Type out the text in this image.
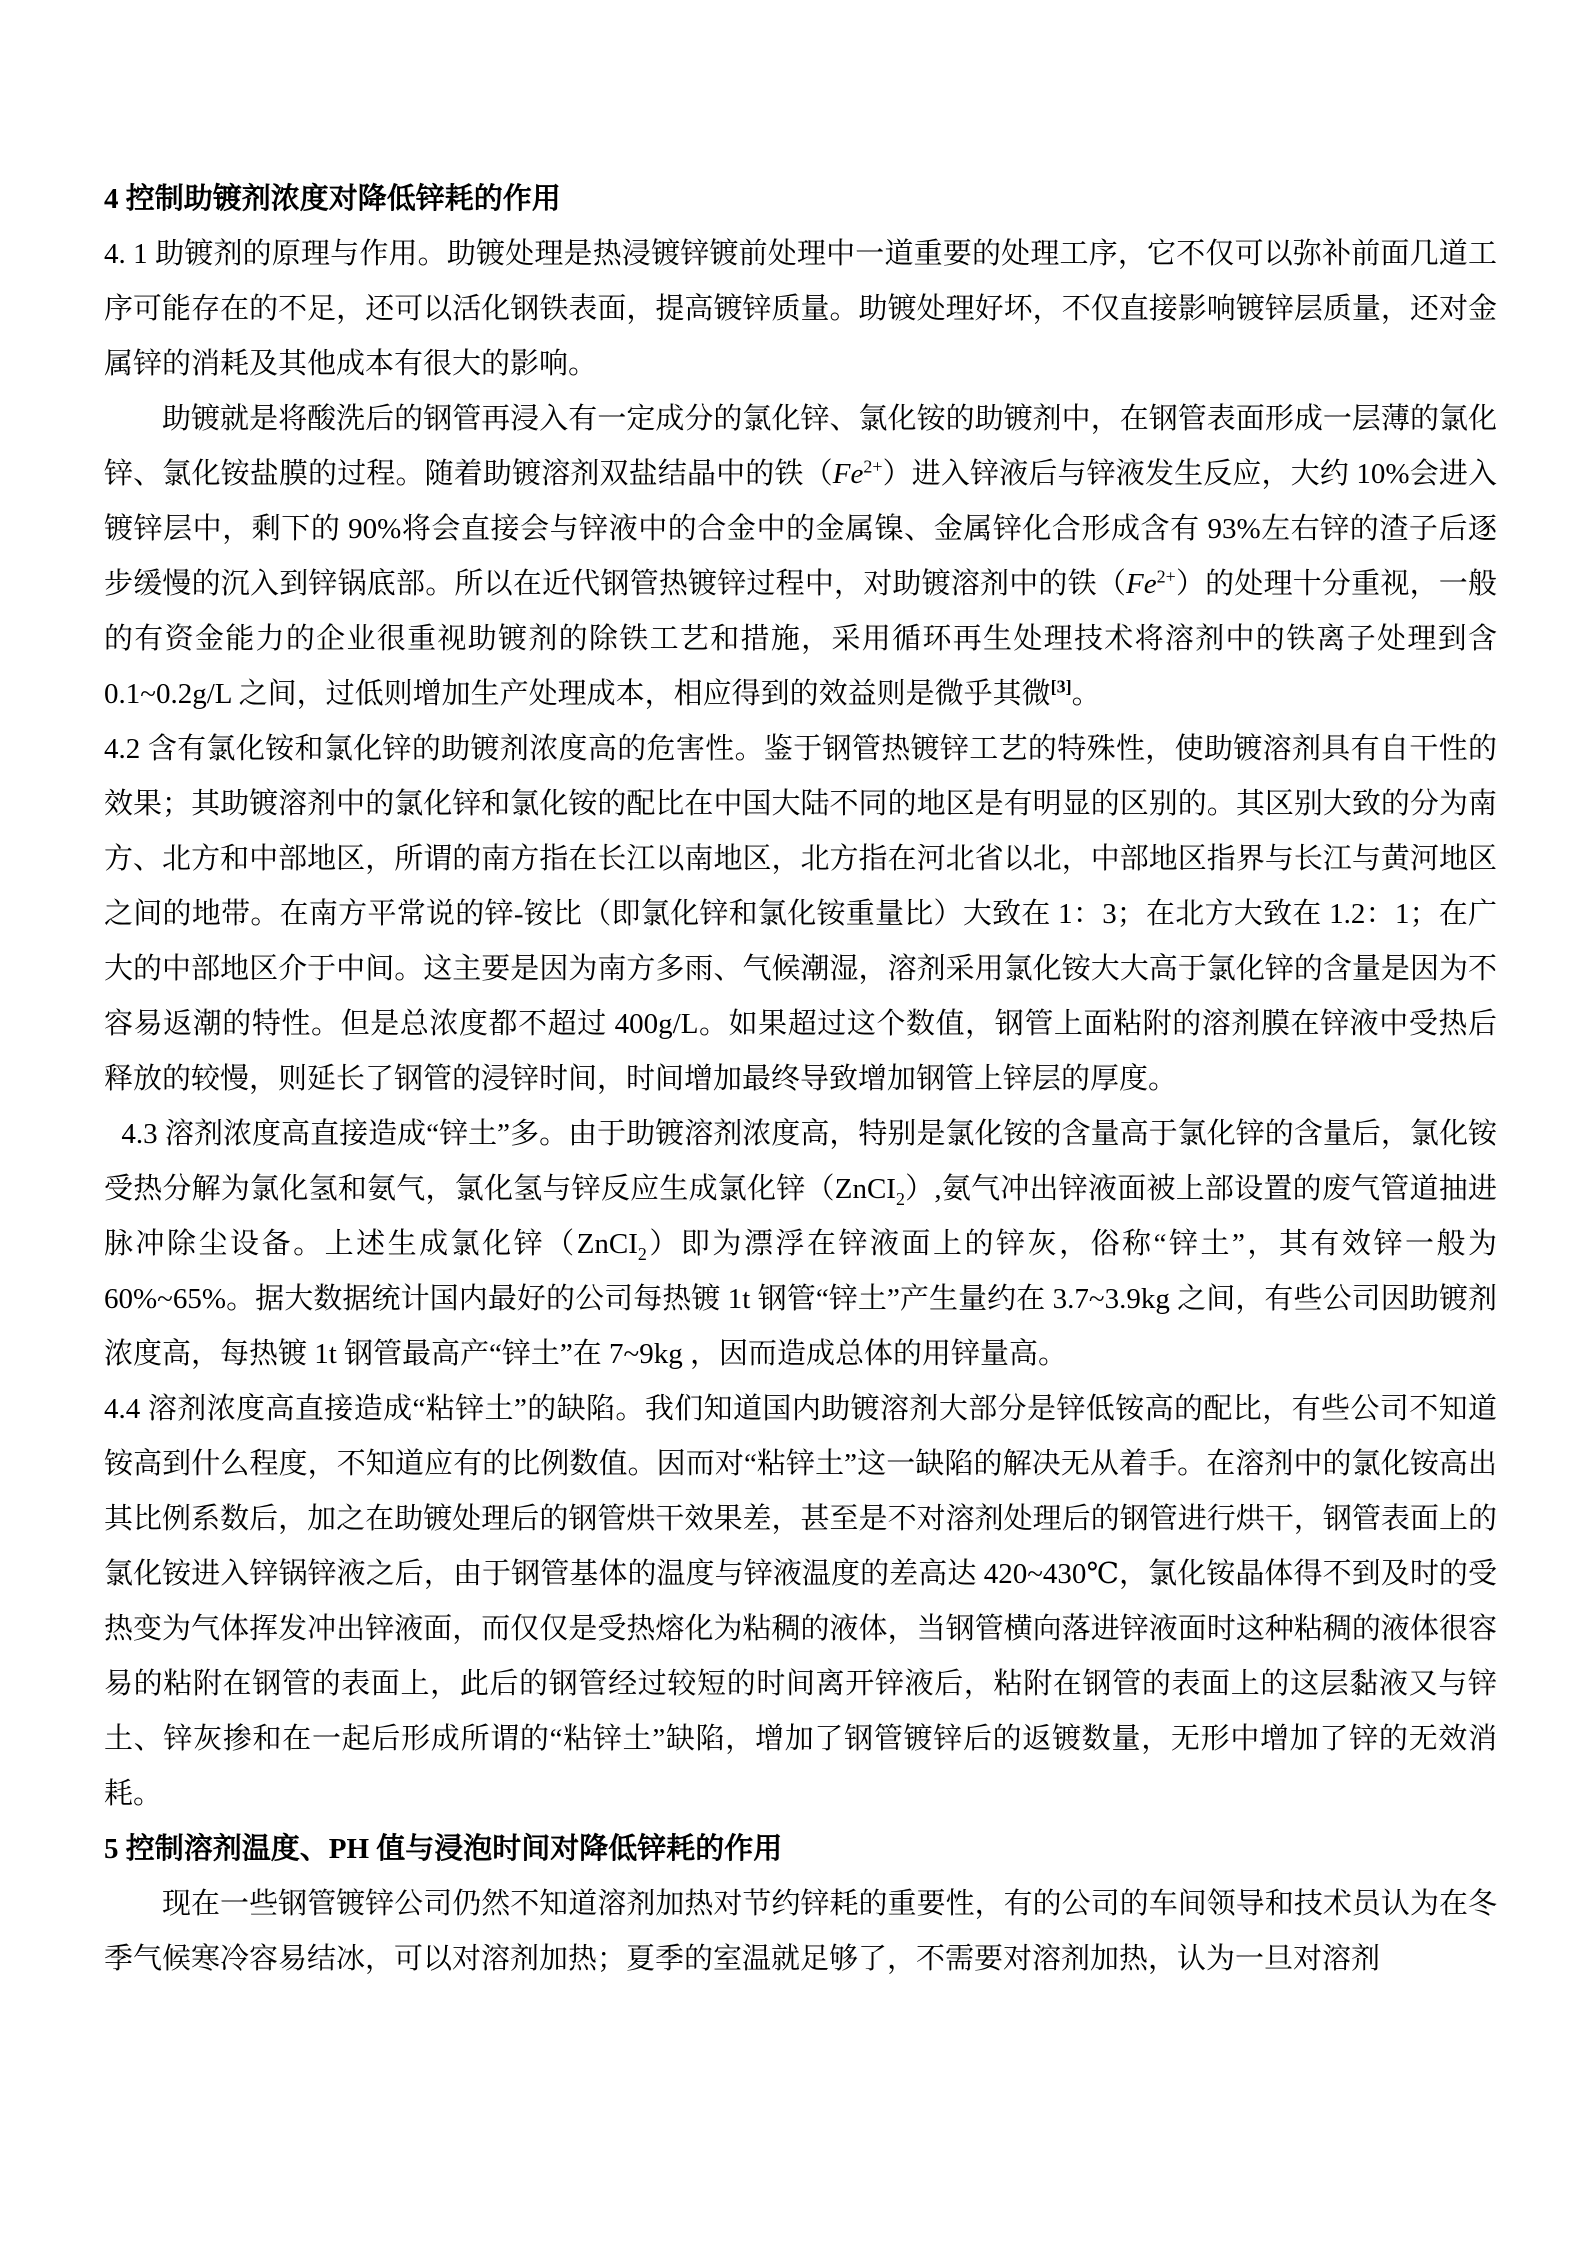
4 控制助镀剂浓度对降低锌耗的作用

4. 1 助镀剂的原理与作用。助镀处理是热浸镀锌镀前处理中一道重要的处理工序，它不仅可以弥补前面几道工序可能存在的不足，还可以活化钢铁表面，提高镀锌质量。助镀处理好坏，不仅直接影响镀锌层质量，还对金属锌的消耗及其他成本有很大的影响。

助镀就是将酸洗后的钢管再浸入有一定成分的氯化锌、氯化铵的助镀剂中，在钢管表面形成一层薄的氯化锌、氯化铵盐膜的过程。随着助镀溶剂双盐结晶中的铁$(Fe^{2+})$进入锌液后与锌液发生反应，大约 10%会进入镀锌层中，剩下的 90%将会直接会与锌液中的合金中的金属镍、金属锌化合形成含有 93%左右锌的渣子后逐步缓慢的沉入到锌锅底部。所以在近代钢管热镀锌过程中，对助镀溶剂中的铁$(Fe^{2+})$的处理十分重视，一般的有资金能力的企业很重视助镀剂的除铁工艺和措施，采用循环再生处理技术将溶剂中的铁离子处理到含 0.1~0.2g/L 之间，过低则增加生产处理成本，相应得到的效益则是微乎其微[3]。

4.2 含有氯化铵和氯化锌的助镀剂浓度高的危害性。鉴于钢管热镀锌工艺的特殊性，使助镀溶剂具有自干性的效果；其助镀溶剂中的氯化锌和氯化铵的配比在中国大陆不同的地区是有明显的区别的。其区别大致的分为南方、北方和中部地区，所谓的南方指在长江以南地区，北方指在河北省以北，中部地区指界与长江与黄河地区之间的地带。在南方平常说的锌-铵比（即氯化锌和氯化铵重量比）大致在 1：3；在北方大致在 1.2：1；在广大的中部地区介于中间。这主要是因为南方多雨、气候潮湿，溶剂采用氯化铵大大高于氯化锌的含量是因为不容易返潮的特性。但是总浓度都不超过 400g/L。如果超过这个数值，钢管上面粘附的溶剂膜在锌液中受热后释放的较慢，则延长了钢管的浸锌时间，时间增加最终导致增加钢管上锌层的厚度。

4.3 溶剂浓度高直接造成“锌土”多。由于助镀溶剂浓度高，特别是氯化铵的含量高于氯化锌的含量后，氯化铵受热分解为氯化氢和氨气，氯化氢与锌反应生成氯化锌（ZnCI$_2$）,氨气冲出锌液面被上部设置的废气管道抽进脉冲除尘设备。上述生成氯化锌（ZnCI$_2$）即为漂浮在锌液面上的锌灰，俗称“锌土”，其有效锌一般为 60%~65%。据大数据统计国内最好的公司每热镀 1t 钢管“锌土”产生量约在 3.7~3.9kg 之间，有些公司因助镀剂浓度高，每热镀 1t 钢管最高产“锌土”在 7~9kg ，因而造成总体的用锌量高。

4.4 溶剂浓度高直接造成“粘锌土”的缺陷。我们知道国内助镀溶剂大部分是锌低铵高的配比，有些公司不知道铵高到什么程度，不知道应有的比例数值。因而对“粘锌土”这一缺陷的解决无从着手。在溶剂中的氯化铵高出其比例系数后，加之在助镀处理后的钢管烘干效果差，甚至是不对溶剂处理后的钢管进行烘干，钢管表面上的氯化铵进入锌锅锌液之后，由于钢管基体的温度与锌液温度的差高达 420~430℃，氯化铵晶体得不到及时的受热变为气体挥发冲出锌液面，而仅仅是受热熔化为粘稠的液体，当钢管横向落进锌液面时这种粘稠的液体很容易的粘附在钢管的表面上，此后的钢管经过较短的时间离开锌液后，粘附在钢管的表面上的这层黏液又与锌土、锌灰掺和在一起后形成所谓的“粘锌土”缺陷，增加了钢管镀锌后的返镀数量，无形中增加了锌的无效消耗。

5 控制溶剂温度、PH 值与浸泡时间对降低锌耗的作用

现在一些钢管镀锌公司仍然不知道溶剂加热对节约锌耗的重要性，有的公司的车间领导和技术员认为在冬季气候寒冷容易结冰，可以对溶剂加热；夏季的室温就足够了，不需要对溶剂加热，认为一旦对溶剂
